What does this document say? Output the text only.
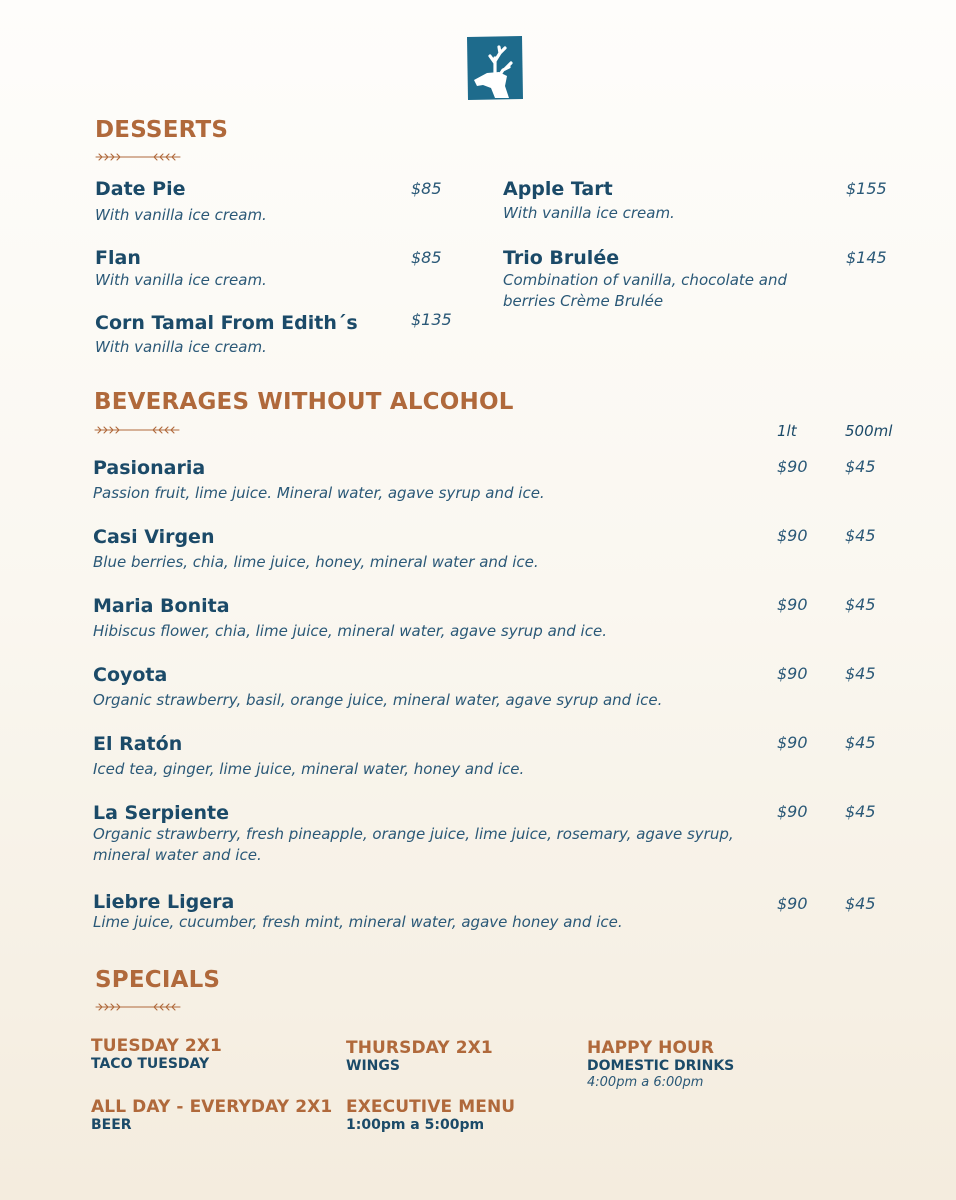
DESSERTS
Date Pie
With vanilla ice cream.
$85
Flan
With vanilla ice cream.
$85
Corn Tamal From Edith´s
With vanilla ice cream.
$135
Apple Tart
With vanilla ice cream.
$155
Trio Brulée
Combination of vanilla, chocolate and berries Crème Brulée
$145
BEVERAGES WITHOUT ALCOHOL
1lt	500ml
Pasionaria
Passion fruit, lime juice. Mineral water, agave syrup and ice.
$90 $45
Casi Virgen
Blue berries, chia, lime juice, honey, mineral water and ice.
$90 $45
Maria Bonita
Hibiscus flower, chia, lime juice, mineral water, agave syrup and ice.
$90 $45
Coyota
Organic strawberry, basil, orange juice, mineral water, agave syrup and ice.
$90 $45
El Ratón
Iced tea, ginger, lime juice, mineral water, honey and ice.
$90 $45
La Serpiente
Organic strawberry, fresh pineapple, orange juice, lime juice, rosemary, agave syrup, mineral water and ice.
$90 $45
Liebre Ligera
Lime juice, cucumber, fresh mint, mineral water, agave honey and ice.
$90 $45
SPECIALS
TUESDAY 2X1
TACO TUESDAY
THURSDAY 2X1
WINGS
HAPPY HOUR
DOMESTIC DRINKS
4:00pm a 6:00pm
ALL DAY - EVERYDAY 2X1
BEER
EXECUTIVE MENU
1:00pm a 5:00pm
